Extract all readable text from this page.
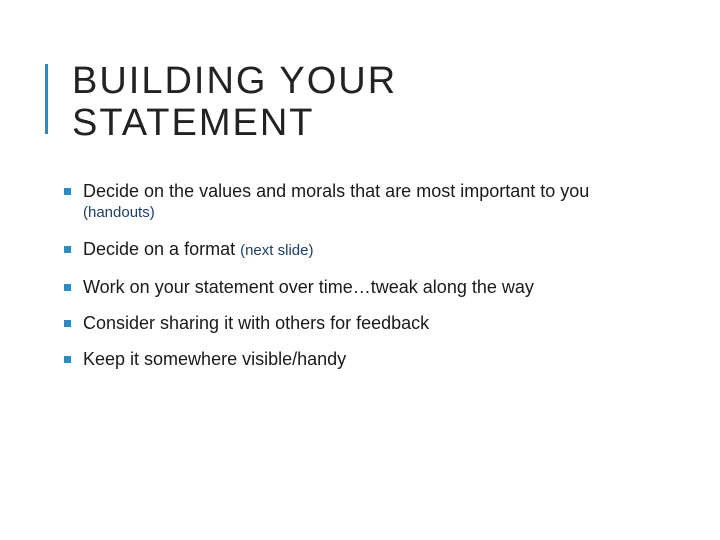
BUILDING YOUR
STATEMENT
Decide on the values and morals that are most important to you
(handouts)
Decide on a format (next slide)
Work on your statement over time…tweak along the way
Consider sharing it with others for feedback
Keep it somewhere visible/handy
